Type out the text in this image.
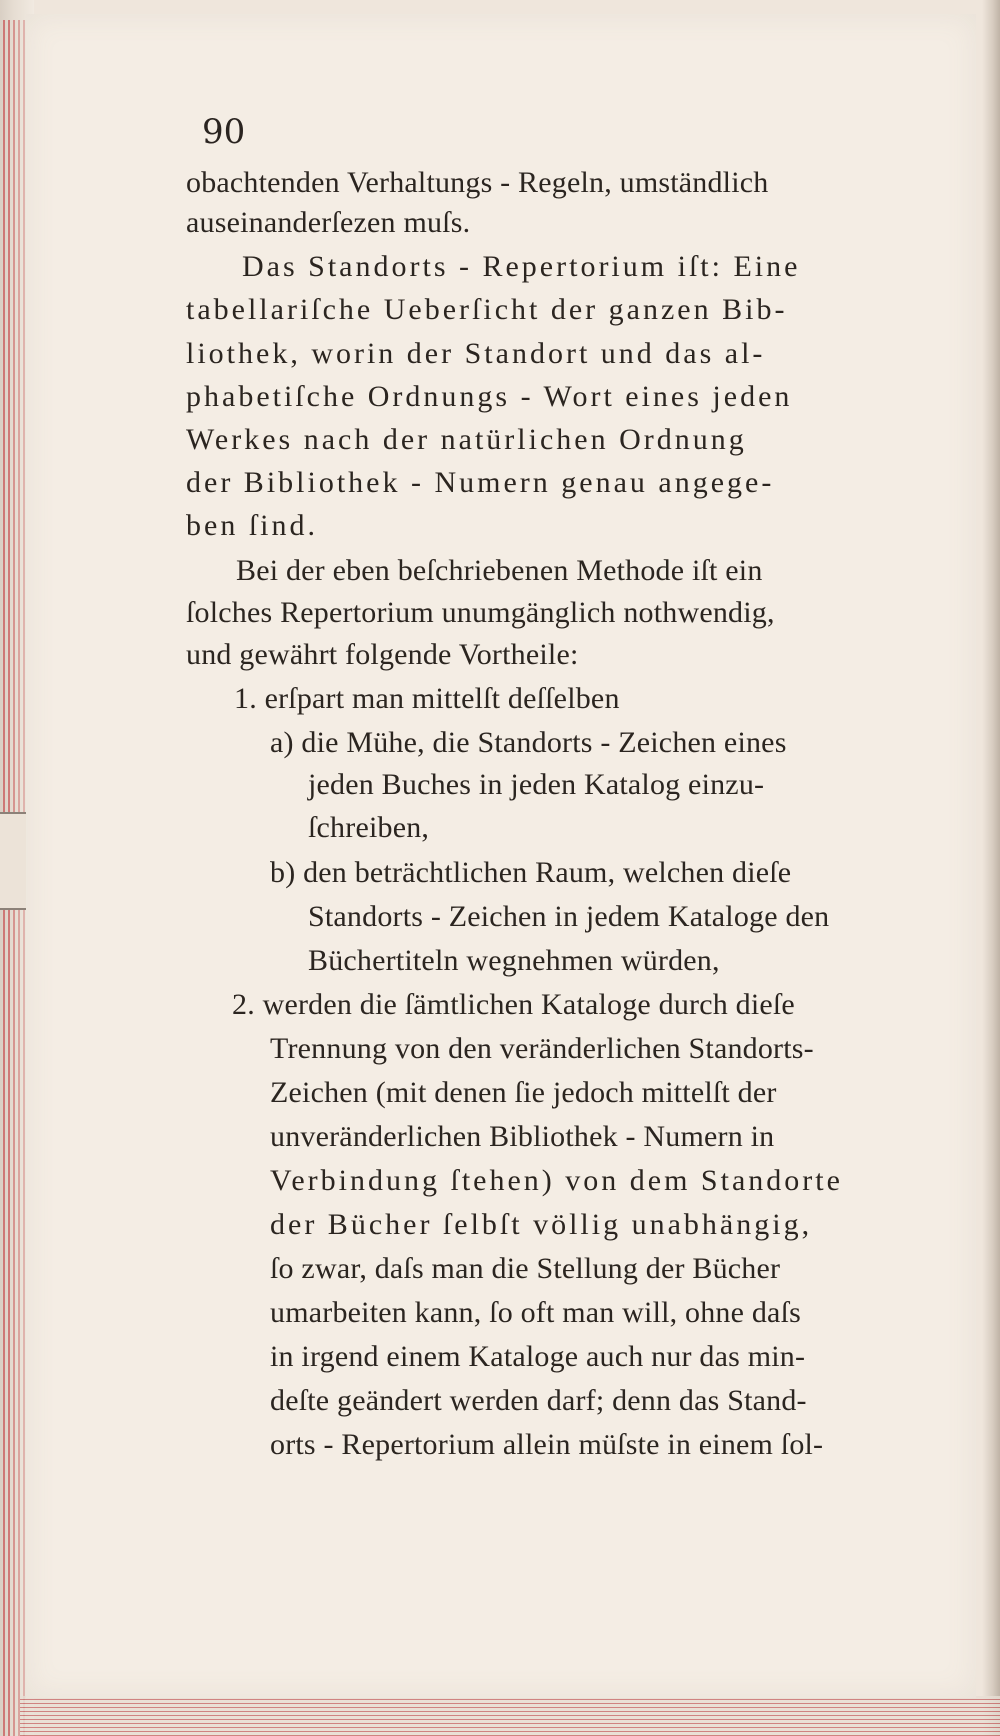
90
obachtenden Verhaltungs - Regeln, umständlich
auseinanderſezen muſs.
Das Standorts - Repertorium iſt: Eine
tabellariſche Ueberſicht der ganzen Bib-
liothek, worin der Standort und das al-
phabetiſche Ordnungs - Wort eines jeden
Werkes nach der natürlichen Ordnung
der Bibliothek - Numern genau angege-
ben ſind.
Bei der eben beſchriebenen Methode iſt ein
ſolches Repertorium unumgänglich nothwendig,
und gewährt folgende Vortheile:
1. erſpart man mittelſt deſſelben
a) die Mühe, die Standorts - Zeichen eines
jeden Buches in jeden Katalog einzu-
ſchreiben,
b) den beträchtlichen Raum, welchen dieſe
Standorts - Zeichen in jedem Kataloge den
Büchertiteln wegnehmen würden,
2. werden die ſämtlichen Kataloge durch dieſe
Trennung von den veränderlichen Standorts-
Zeichen (mit denen ſie jedoch mittelſt der
unveränderlichen Bibliothek - Numern in
Verbindung ſtehen) von dem Standorte
der Bücher ſelbſt völlig unabhängig,
ſo zwar, daſs man die Stellung der Bücher
umarbeiten kann, ſo oft man will, ohne daſs
in irgend einem Kataloge auch nur das min-
deſte geändert werden darf; denn das Stand-
orts - Repertorium allein müſste in einem ſol-
